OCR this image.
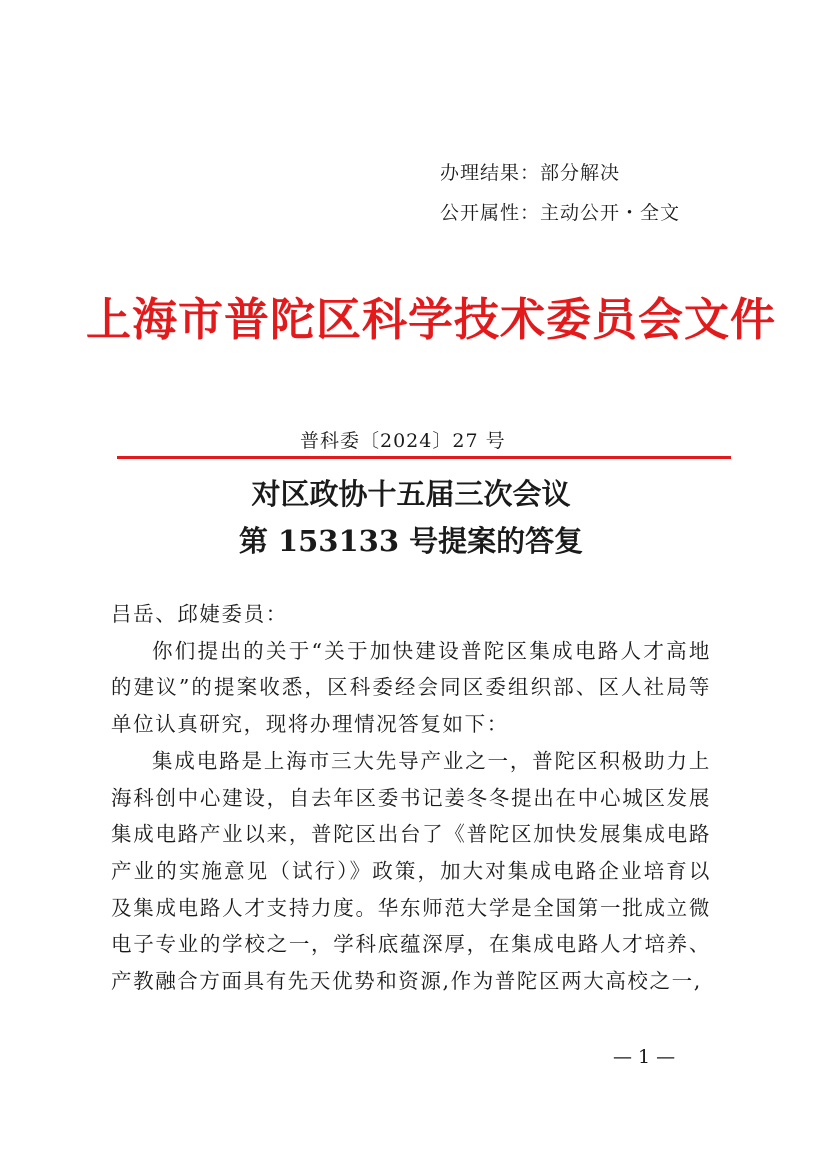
办理结果：部分解决
公开属性：主动公开・全文
上海市普陀区科学技术委员会文件
普科委〔2024〕27 号
对区政协十五届三次会议
第 153133 号提案的答复

吕岳、邱婕委员：

你们提出的关于“关于加快建设普陀区集成电路人才高地的建议”的提案收悉，区科委经会同区委组织部、区人社局等单位认真研究，现将办理情况答复如下：

集成电路是上海市三大先导产业之一，普陀区积极助力上海科创中心建设，自去年区委书记姜冬冬提出在中心城区发展集成电路产业以来，普陀区出台了《普陀区加快发展集成电路产业的实施意见（试行）》政策，加大对集成电路企业培育以及集成电路人才支持力度。华东师范大学是全国第一批成立微电子专业的学校之一，学科底蕴深厚，在集成电路人才培养、产教融合方面具有先天优势和资源,作为普陀区两大高校之一,

— 1 —
